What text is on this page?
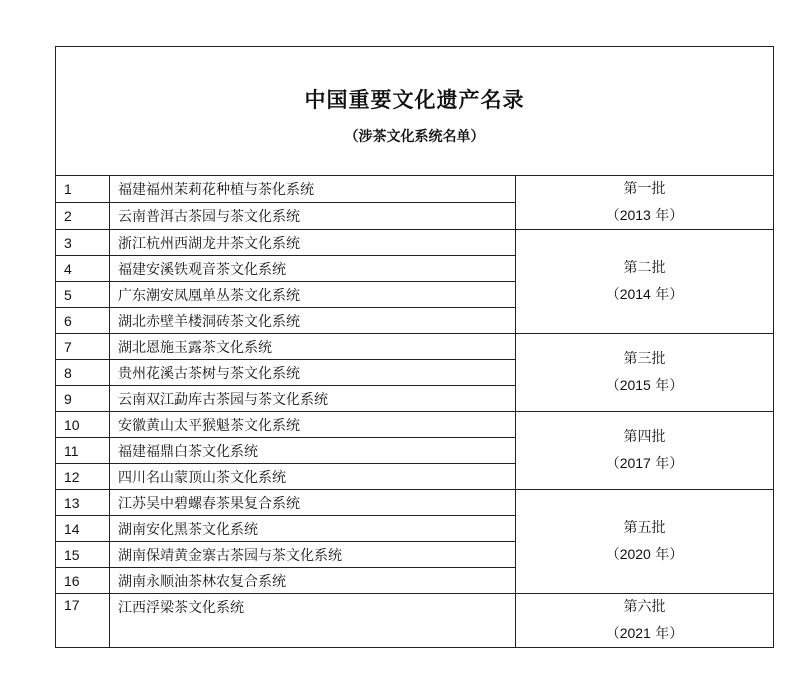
中国重要文化遗产名录
（涉茶文化系统名单）		

1	福建福州茉莉花种植与茶化系统	第一批
（2013 年）

2	云南普洱古茶园与茶文化系统	
3	浙江杭州西湖龙井茶文化系统	第二批
（2014 年）

4	福建安溪铁观音茶文化系统	
5	广东潮安凤凰单丛茶文化系统	
6	湖北赤壁羊楼洞砖茶文化系统	
7	湖北恩施玉露茶文化系统	第三批
（2015 年）

8	贵州花溪古茶树与茶文化系统	
9	云南双江勐库古茶园与茶文化系统	
10	安徽黄山太平猴魁茶文化系统	第四批
（2017 年）

11	福建福鼎白茶文化系统	
12	四川名山蒙顶山茶文化系统	
13	江苏吴中碧螺春茶果复合系统	第五批
（2020 年）

14	湖南安化黑茶文化系统	
15	湖南保靖黄金寨古茶园与茶文化系统	
16	湖南永顺油茶林农复合系统	
17	江西浮梁茶文化系统	第六批
（2021 年）
